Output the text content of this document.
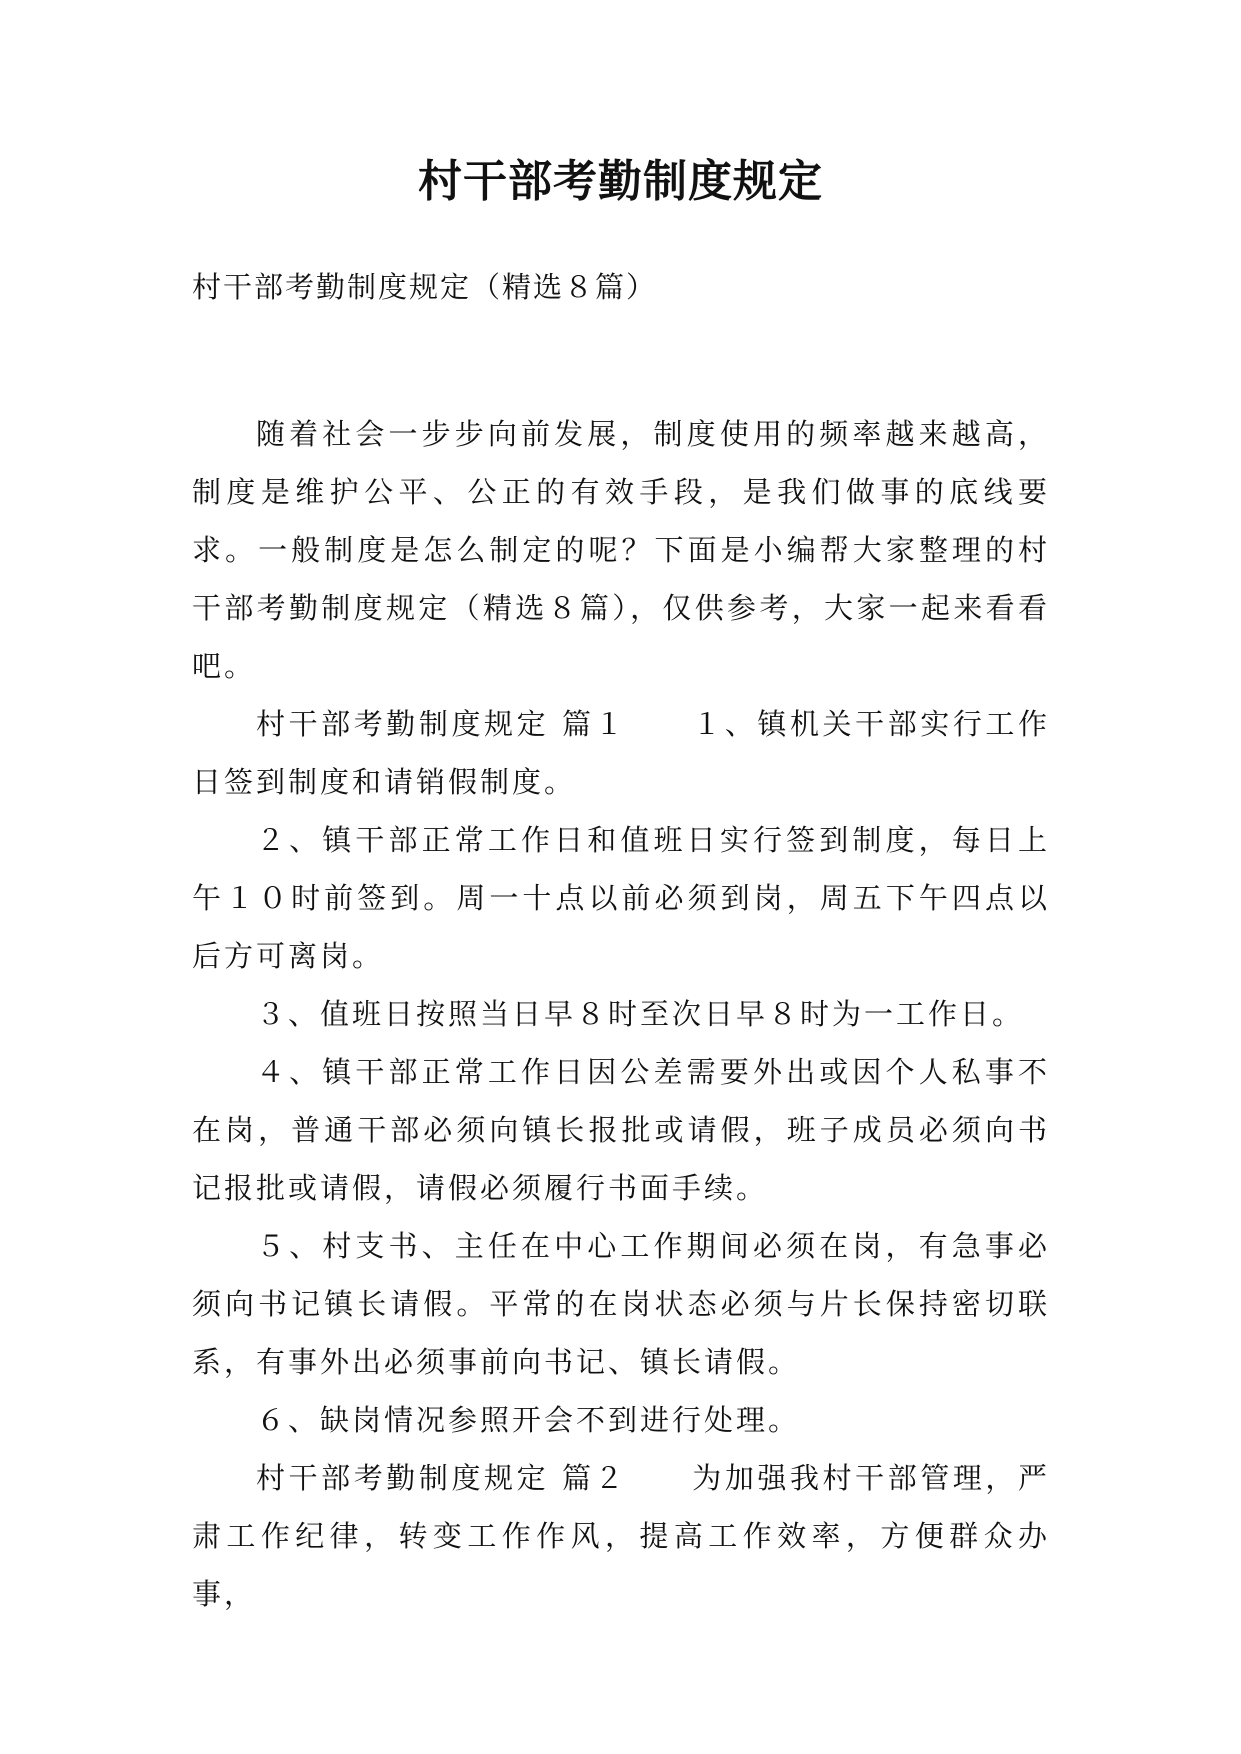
村干部考勤制度规定
村干部考勤制度规定（精选８篇）

随着社会一步步向前发展，制度使用的频率越来越高，制度是维护公平、公正的有效手段，是我们做事的底线要求。一般制度是怎么制定的呢？下面是小编帮大家整理的村干部考勤制度规定（精选８篇），仅供参考，大家一起来看看吧。

村干部考勤制度规定 篇１　　１、镇机关干部实行工作日签到制度和请销假制度。

２、镇干部正常工作日和值班日实行签到制度，每日上午１０时前签到。周一十点以前必须到岗，周五下午四点以后方可离岗。

３、值班日按照当日早８时至次日早８时为一工作日。

４、镇干部正常工作日因公差需要外出或因个人私事不在岗，普通干部必须向镇长报批或请假，班子成员必须向书记报批或请假，请假必须履行书面手续。

５、村支书、主任在中心工作期间必须在岗，有急事必须向书记镇长请假。平常的在岗状态必须与片长保持密切联系，有事外出必须事前向书记、镇长请假。

６、缺岗情况参照开会不到进行处理。

村干部考勤制度规定 篇２　　为加强我村干部管理，严肃工作纪律，转变工作作风，提高工作效率，方便群众办事，
